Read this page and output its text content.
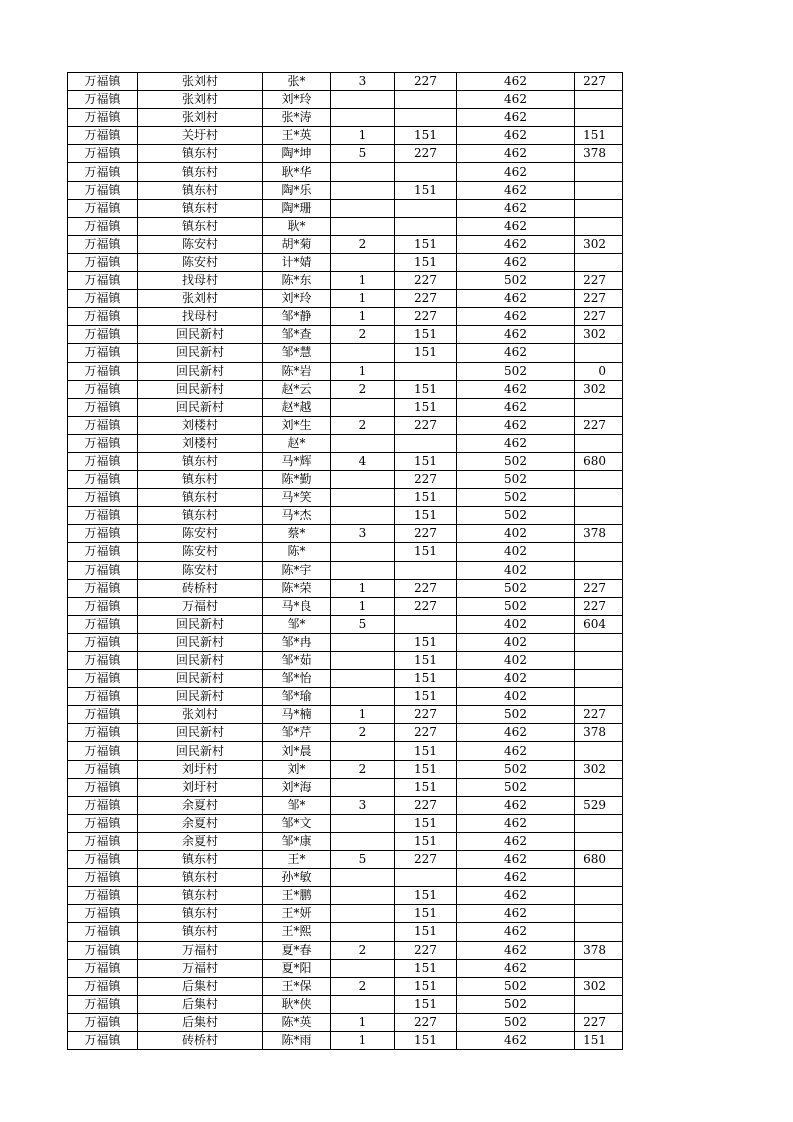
万福镇	张刘村	张*	3	227	462	227
万福镇	张刘村	刘*玲			462	
万福镇	张刘村	张*涛			462	
万福镇	关圩村	王*英	1	151	462	151
万福镇	镇东村	陶*坤	5	227	462	378
万福镇	镇东村	耿*华			462	
万福镇	镇东村	陶*乐		151	462	
万福镇	镇东村	陶*珊			462	
万福镇	镇东村	耿*			462	
万福镇	陈安村	胡*菊	2	151	462	302
万福镇	陈安村	计*婧		151	462	
万福镇	找母村	陈*东	1	227	502	227
万福镇	张刘村	刘*玲	1	227	462	227
万福镇	找母村	邹*静	1	227	462	227
万福镇	回民新村	邹*查	2	151	462	302
万福镇	回民新村	邹*慧		151	462	
万福镇	回民新村	陈*岩	1		502	0
万福镇	回民新村	赵*云	2	151	462	302
万福镇	回民新村	赵*越		151	462	
万福镇	刘楼村	刘*生	2	227	462	227
万福镇	刘楼村	赵*			462	
万福镇	镇东村	马*辉	4	151	502	680
万福镇	镇东村	陈*勤		227	502	
万福镇	镇东村	马*笑		151	502	
万福镇	镇东村	马*杰		151	502	
万福镇	陈安村	蔡*	3	227	402	378
万福镇	陈安村	陈*		151	402	
万福镇	陈安村	陈*宇			402	
万福镇	砖桥村	陈*荣	1	227	502	227
万福镇	万福村	马*良	1	227	502	227
万福镇	回民新村	邹*	5		402	604
万福镇	回民新村	邹*冉		151	402	
万福镇	回民新村	邹*茹		151	402	
万福镇	回民新村	邹*怡		151	402	
万福镇	回民新村	邹*瑜		151	402	
万福镇	张刘村	马*楠	1	227	502	227
万福镇	回民新村	邹*芹	2	227	462	378
万福镇	回民新村	刘*晨		151	462	
万福镇	刘圩村	刘*	2	151	502	302
万福镇	刘圩村	刘*海		151	502	
万福镇	余夏村	邹*	3	227	462	529
万福镇	余夏村	邹*文		151	462	
万福镇	余夏村	邹*康		151	462	
万福镇	镇东村	王*	5	227	462	680
万福镇	镇东村	孙*敏			462	
万福镇	镇东村	王*鹏		151	462	
万福镇	镇东村	王*妍		151	462	
万福镇	镇东村	王*熙		151	462	
万福镇	万福村	夏*春	2	227	462	378
万福镇	万福村	夏*阳		151	462	
万福镇	后集村	王*保	2	151	502	302
万福镇	后集村	耿*侠		151	502	
万福镇	后集村	陈*英	1	227	502	227
万福镇	砖桥村	陈*雨	1	151	462	151
